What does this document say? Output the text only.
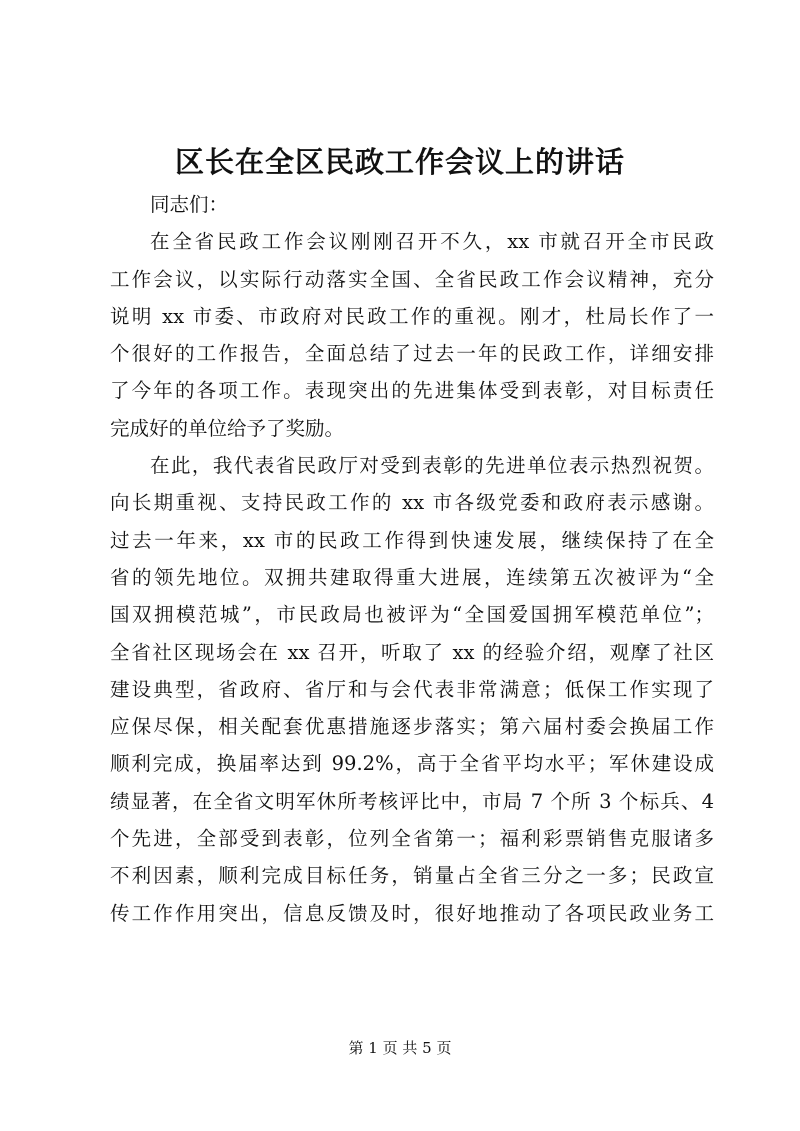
区长在全区民政工作会议上的讲话
同志们：
在全省民政工作会议刚刚召开不久，xx 市就召开全市民政
工作会议，以实际行动落实全国、全省民政工作会议精神，充分
说明 xx 市委、市政府对民政工作的重视。刚才，杜局长作了一
个很好的工作报告，全面总结了过去一年的民政工作，详细安排
了今年的各项工作。表现突出的先进集体受到表彰，对目标责任
完成好的单位给予了奖励。
在此，我代表省民政厅对受到表彰的先进单位表示热烈祝贺。
向长期重视、支持民政工作的 xx 市各级党委和政府表示感谢。
过去一年来，xx 市的民政工作得到快速发展，继续保持了在全
省的领先地位。双拥共建取得重大进展，连续第五次被评为“全
国双拥模范城”，市民政局也被评为“全国爱国拥军模范单位”；
全省社区现场会在 xx 召开，听取了 xx 的经验介绍，观摩了社区
建设典型，省政府、省厅和与会代表非常满意；低保工作实现了
应保尽保，相关配套优惠措施逐步落实；第六届村委会换届工作
顺利完成，换届率达到 99.2%，高于全省平均水平；军休建设成
绩显著，在全省文明军休所考核评比中，市局 7 个所 3 个标兵、4
个先进，全部受到表彰，位列全省第一；福利彩票销售克服诸多
不利因素，顺利完成目标任务，销量占全省三分之一多；民政宣
传工作作用突出，信息反馈及时，很好地推动了各项民政业务工
第 1 页 共 5 页
